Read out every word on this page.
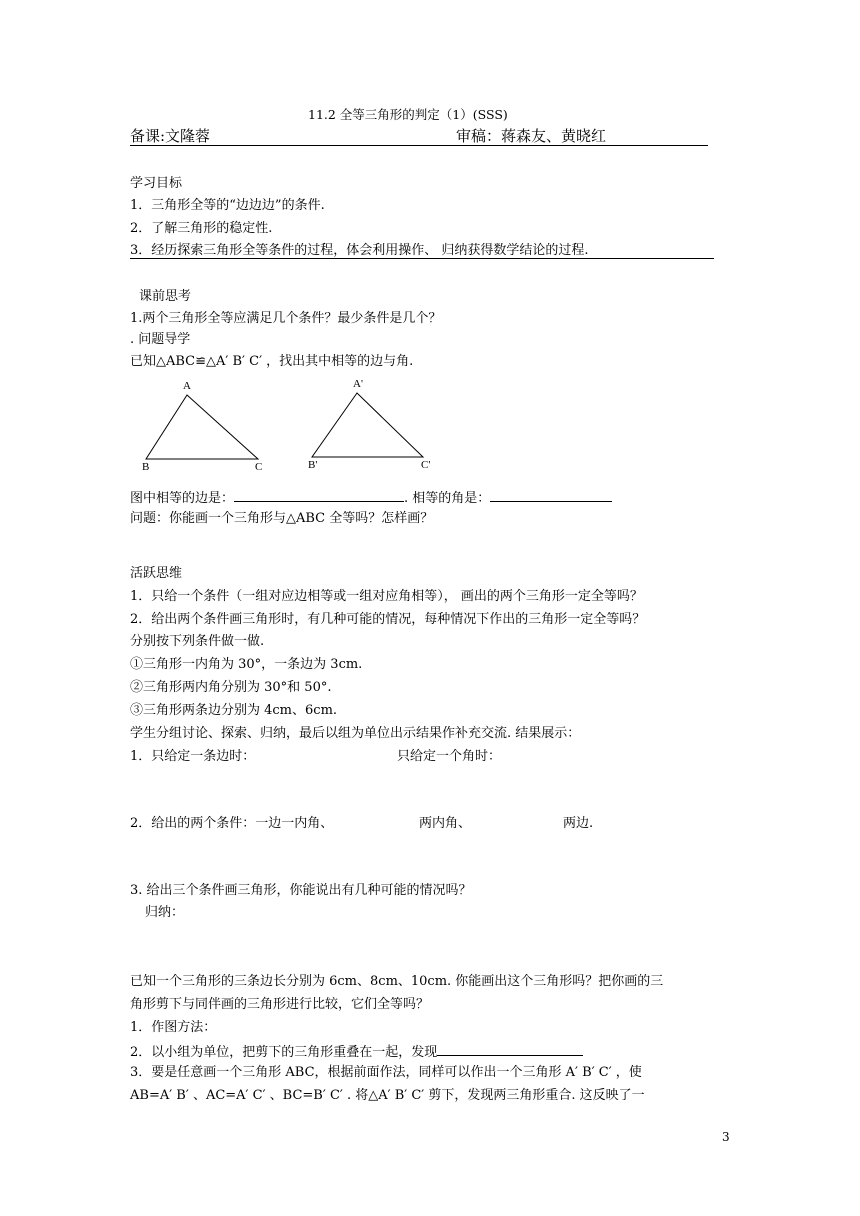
11.2 全等三角形的判定（1）(SSS)
备课:文隆蓉	审稿：蒋森友、黄晓红
学习目标
1．三角形全等的“边边边”的条件.
2．了解三角形的稳定性.
3．经历探索三角形全等条件的过程，体会利用操作、 归纳获得数学结论的过程.
课前思考
1.两个三角形全等应满足几个条件？最少条件是几个？
. 问题导学
已知△ABC≌△A′ B′ C′ ，找出其中相等的边与角.
A
B	C
A'
B'	C'
图中相等的边是：	. 相等的角是：
问题：你能画一个三角形与△ABC 全等吗？怎样画？
活跃思维
1．只给一个条件（一组对应边相等或一组对应角相等）， 画出的两个三角形一定全等吗？
2．给出两个条件画三角形时，有几种可能的情况，每种情况下作出的三角形一定全等吗？
分别按下列条件做一做.
①三角形一内角为 30°，一条边为 3cm.
②三角形两内角分别为 30°和 50°.
③三角形两条边分别为 4cm、6cm.
学生分组讨论、探索、归纳，最后以组为单位出示结果作补充交流. 结果展示：
1．只给定一条边时：	只给定一个角时：
2．给出的两个条件：一边一内角、	两内角、	两边.
3. 给出三个条件画三角形，你能说出有几种可能的情况吗？
归纳：
已知一个三角形的三条边长分别为 6cm、8cm、10cm. 你能画出这个三角形吗？把你画的三
角形剪下与同伴画的三角形进行比较，它们全等吗？
1．作图方法：
2．以小组为单位，把剪下的三角形重叠在一起，发现
3．要是任意画一个三角形 ABC，根据前面作法，同样可以作出一个三角形 A′ B′ C′ ，使
AB=A′ B′ 、AC=A′ C′ 、BC=B′ C′ . 将△A′ B′ C′ 剪下，发现两三角形重合. 这反映了一
3
